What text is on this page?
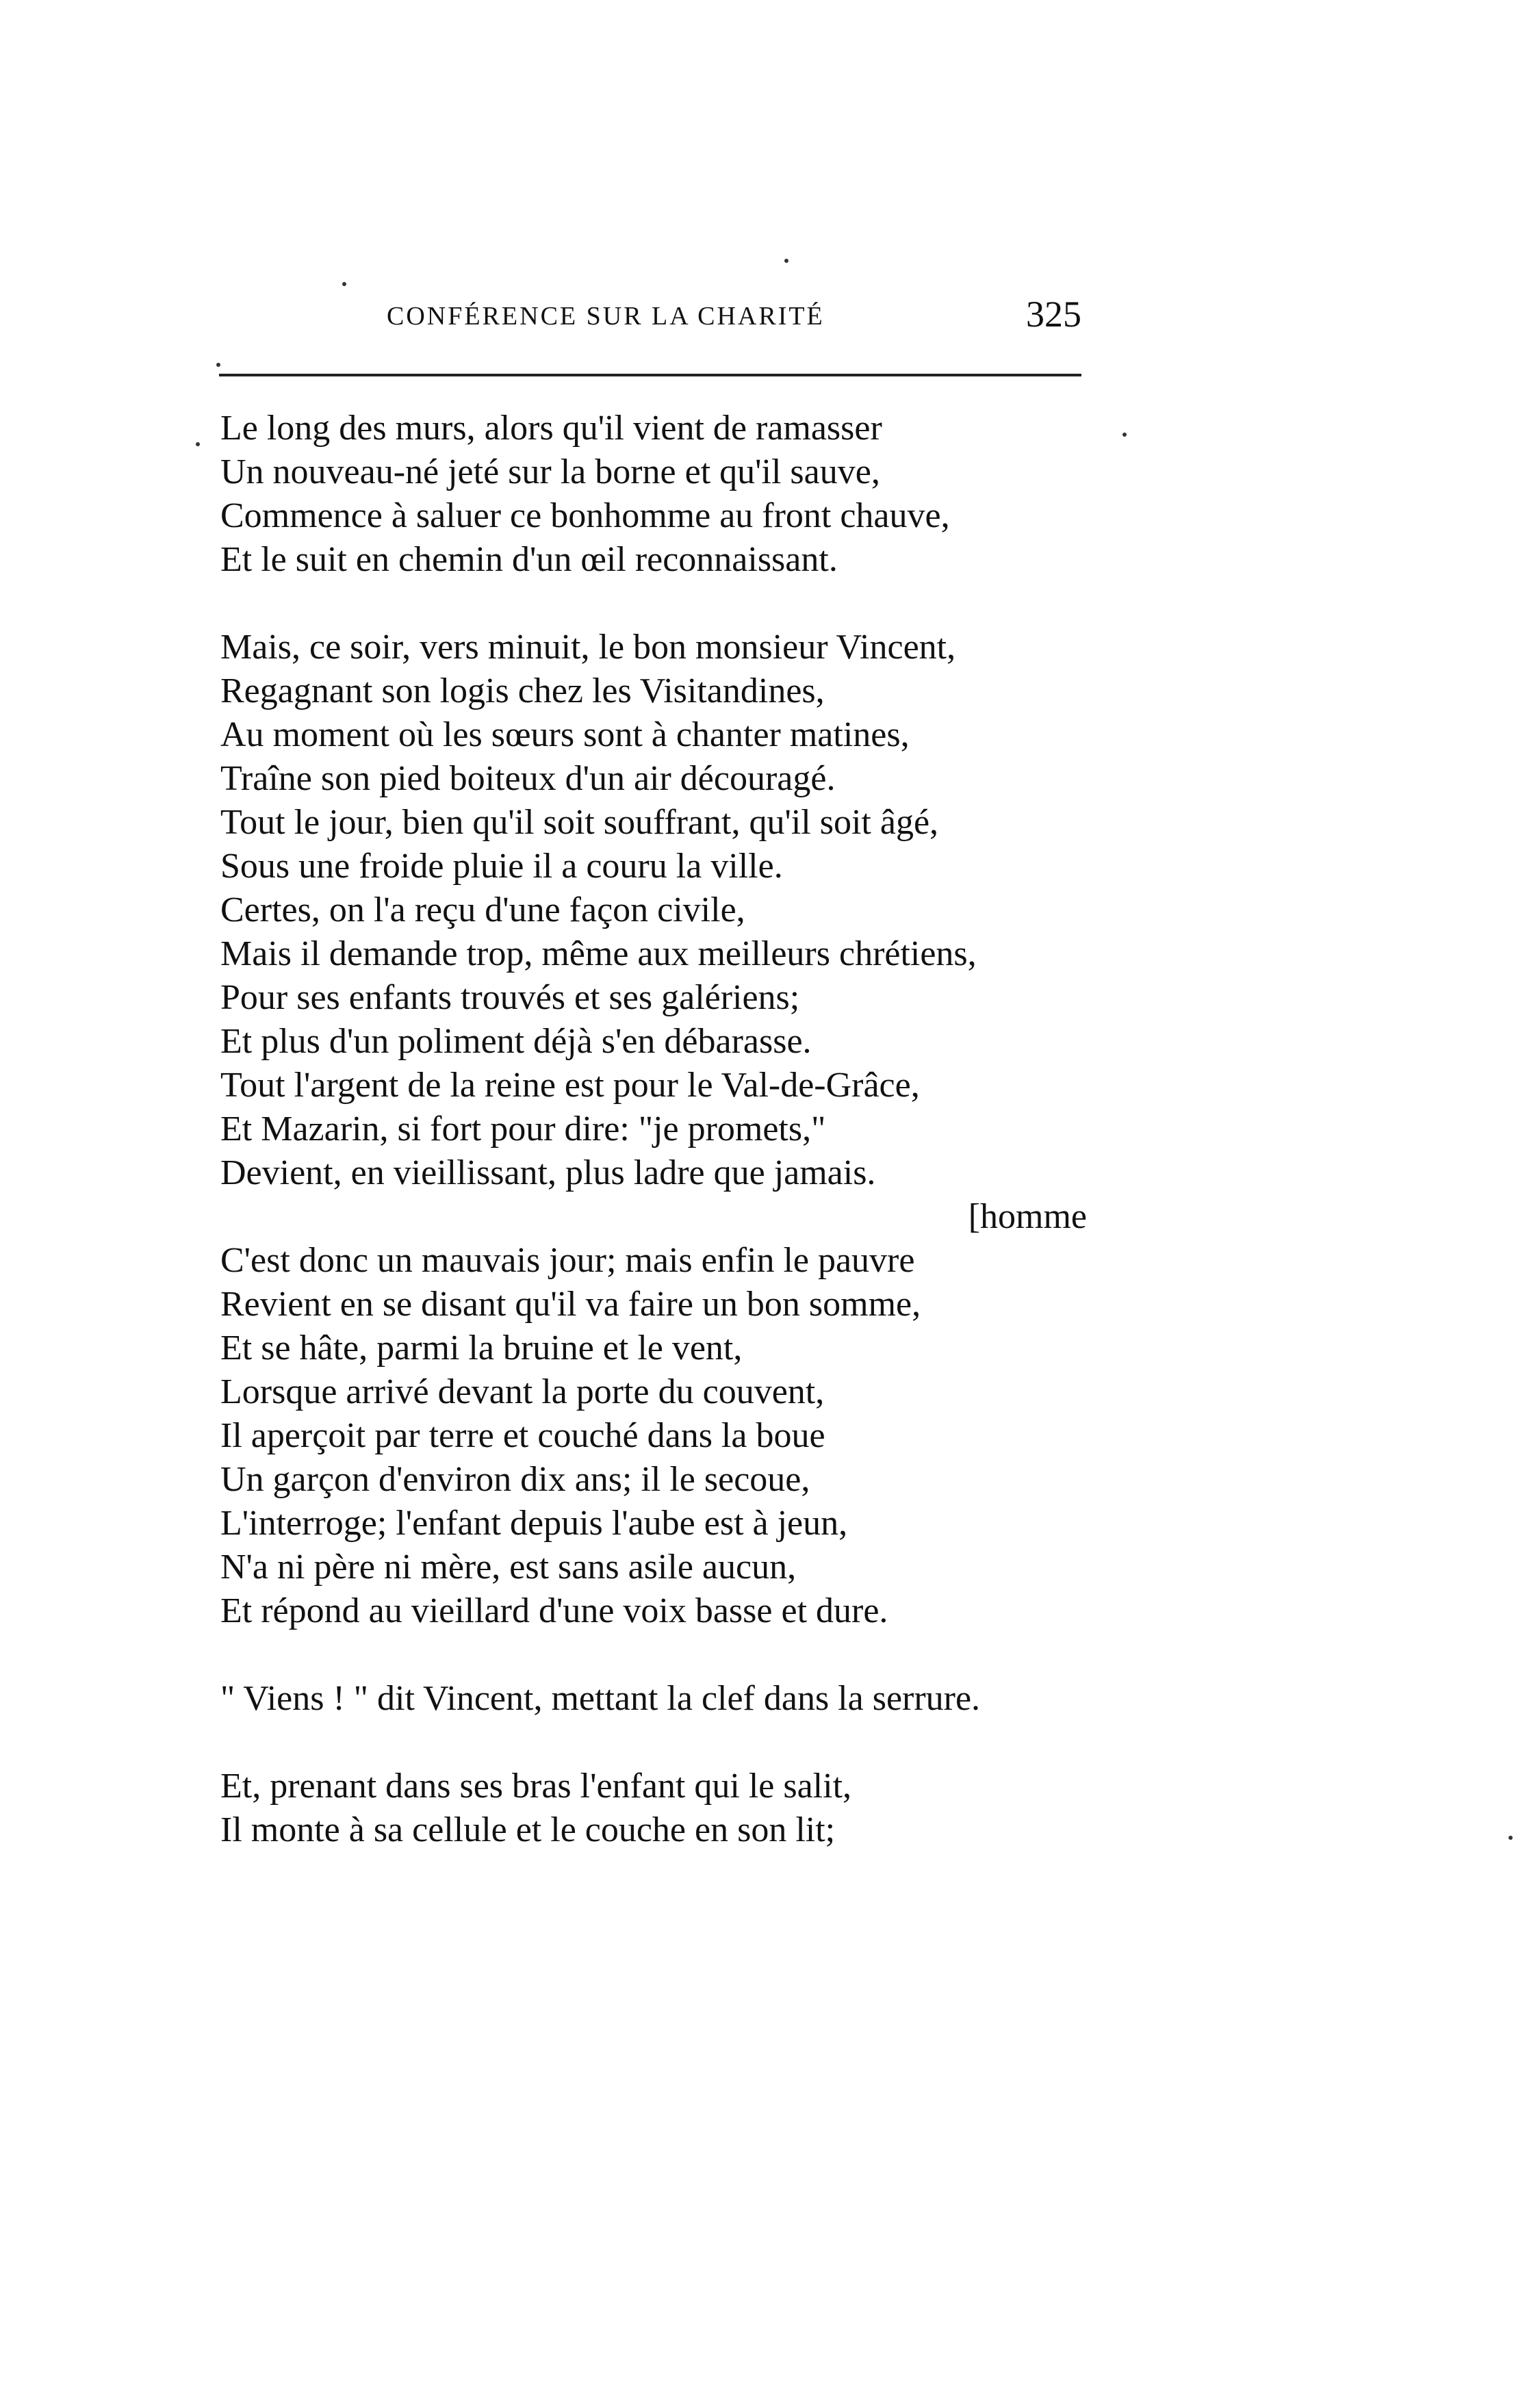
CONFÉRENCE SUR LA CHARITÉ	325
Le long des murs, alors qu'il vient de ramasser
Un nouveau-né jeté sur la borne et qu'il sauve,
Commence à saluer ce bonhomme au front chauve,
Et le suit en chemin d'un œil reconnaissant.
Mais, ce soir, vers minuit, le bon monsieur Vincent,
Regagnant son logis chez les Visitandines,
Au moment où les sœurs sont à chanter matines,
Traîne son pied boiteux d'un air découragé.
Tout le jour, bien qu'il soit souffrant, qu'il soit âgé,
Sous une froide pluie il a couru la ville.
Certes, on l'a reçu d'une façon civile,
Mais il demande trop, même aux meilleurs chrétiens,
Pour ses enfants trouvés et ses galériens;
Et plus d'un poliment déjà s'en débarasse.
Tout l'argent de la reine est pour le Val-de-Grâce,
Et Mazarin, si fort pour dire: "je promets,"
Devient, en vieillissant, plus ladre que jamais.
[homme
C'est donc un mauvais jour; mais enfin le pauvre
Revient en se disant qu'il va faire un bon somme,
Et se hâte, parmi la bruine et le vent,
Lorsque arrivé devant la porte du couvent,
Il aperçoit par terre et couché dans la boue
Un garçon d'environ dix ans; il le secoue,
L'interroge; l'enfant depuis l'aube est à jeun,
N'a ni père ni mère, est sans asile aucun,
Et répond au vieillard d'une voix basse et dure.
" Viens ! " dit Vincent, mettant la clef dans la serrure.
Et, prenant dans ses bras l'enfant qui le salit,
Il monte à sa cellule et le couche en son lit;
